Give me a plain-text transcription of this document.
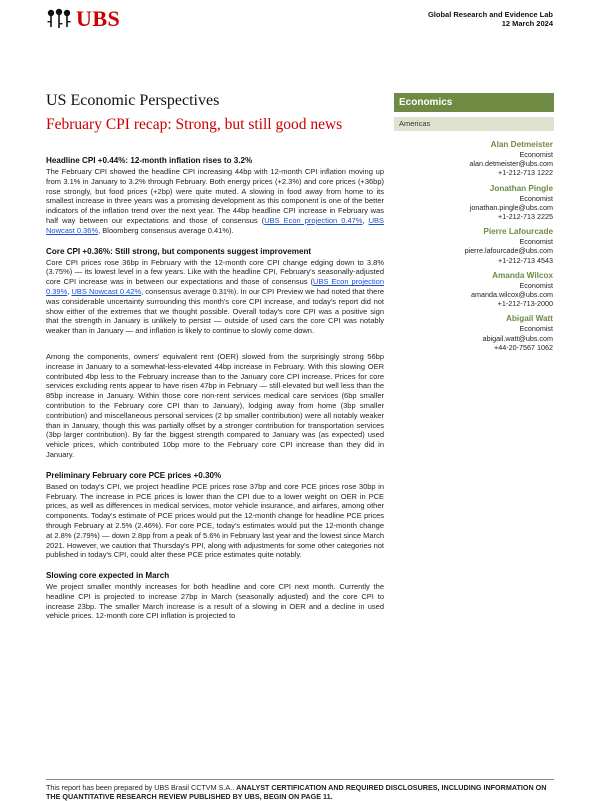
UBS	Global Research and Evidence Lab
12 March 2024
US Economic Perspectives
February CPI recap: Strong, but still good news
Economics
Americas
Alan Detmeister
Economist
alan.detmeister@ubs.com
+1-212-713 1222
Jonathan Pingle
Economist
jonathan.pingle@ubs.com
+1-212-713 2225
Pierre Lafourcade
Economist
pierre.lafourcade@ubs.com
+1-212-713 4543
Amanda Wilcox
Economist
amanda.wilcox@ubs.com
+1-212-713-2000
Abigail Watt
Economist
abigail.watt@ubs.com
+44-20-7567 1062
Headline CPI +0.44%: 12-month inflation rises to 3.2%

The February CPI showed the headline CPI increasing 44bp with 12-month CPI inflation moving up from 3.1% in January to 3.2% through February. Both energy prices (+2.3%) and core prices (+36bp) rose strongly, but food prices (+2bp) were quite muted. A slowing in food away from home to its smallest increase in three years was a promising development as this component is one of the better indicators of the inflation trend over the next year. The 44bp headline CPI increase in February was half way between our expectations and those of consensus (UBS Econ projection 0.47%, UBS Nowcast 0.36%, Bloomberg consensus average 0.41%).

Core CPI +0.36%: Still strong, but components suggest improvement

Core CPI prices rose 36bp in February with the 12-month core CPI change edging down to 3.8% (3.75%) — its lowest level in a few years. Like with the headline CPI, February's seasonally-adjusted core CPI increase was in between our expectations and those of consensus (UBS Econ projection 0.39%, UBS Nowcast 0.42%, consensus average 0.31%). In our CPI Preview we had noted that there was considerable uncertainty surrounding this month's core CPI increase, and today's report did not show either of the extremes that we thought possible. Overall today's core CPI was a positive sign that the strength in January is unlikely to persist — outside of used cars the core CPI was notably weaker than in January — and inflation is likely to continue to slowly come down.

Among the components, owners' equivalent rent (OER) slowed from the surprisingly strong 56bp increase in January to a somewhat-less-elevated 44bp increase in February. With this slowing OER contributed 4bp less to the February increase than to the January core CPI increase. Prices for core services excluding rents appear to have risen 47bp in February — still elevated but well less than the 85bp increase in January. Within those core non-rent services medical care services (6bp smaller contribution to the February core CPI than to January), lodging away from home (3bp smaller contribution) and miscellaneous personal services (2 bp smaller contribution) were all notably weaker than in January, though this was partially offset by a stronger contribution for transportation services (3bp larger contribution). By far the biggest strength compared to January was (as expected) used vehicle prices, which contributed 10bp more to the February core CPI increase than they did in January.

Preliminary February core PCE prices +0.30%

Based on today's CPI, we project headline PCE prices rose 37bp and core PCE prices rose 30bp in February. The increase in PCE prices is lower than the CPI due to a lower weight on OER in PCE prices, as well as differences in medical services, motor vehicle insurance, and airfares, among other components. Today's estimate of PCE prices would put the 12-month change for headline PCE prices through February at 2.5% (2.46%). For core PCE, today's estimates would put the 12-month change at 2.8% (2.79%) — down 2.8pp from a peak of 5.6% in February last year and the lowest since March 2021. However, we caution that Thursday's PPI, along with adjustments for some other categories not published in today's CPI, could alter these PCE price estimates quite notably.

Slowing core expected in March

We project smaller monthly increases for both headline and core CPI next month. Currently the headline CPI is projected to increase 27bp in March (seasonally adjusted) and the core CPI to increase 23bp. The smaller March increase is a result of a slowing in OER and a decline in used vehicle prices. 12-month core CPI inflation is projected to

This report has been prepared by UBS Brasil CCTVM S.A.. ANALYST CERTIFICATION AND REQUIRED DISCLOSURES, INCLUDING INFORMATION ON THE QUANTITATIVE RESEARCH REVIEW PUBLISHED BY UBS, BEGIN ON PAGE 11.
